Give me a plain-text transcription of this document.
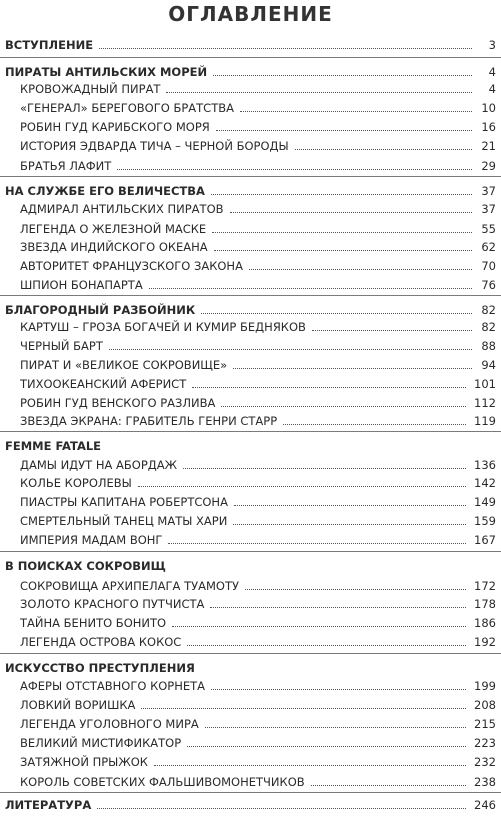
ОГЛАВЛЕНИЕ
ВСТУПЛЕНИЕ	3
ПИРАТЫ АНТИЛЬСКИХ МОРЕЙ	4
КРОВОЖАДНЫЙ ПИРАТ	4
«ГЕНЕРАЛ» БЕРЕГОВОГО БРАТСТВА	10
РОБИН ГУД КАРИБСКОГО МОРЯ	16
ИСТОРИЯ ЭДВАРДА ТИЧА – ЧЕРНОЙ БОРОДЫ	21
БРАТЬЯ ЛАФИТ	29
НА СЛУЖБЕ ЕГО ВЕЛИЧЕСТВА	37
АДМИРАЛ АНТИЛЬСКИХ ПИРАТОВ	37
ЛЕГЕНДА О ЖЕЛЕЗНОЙ МАСКЕ	55
ЗВЕЗДА ИНДИЙСКОГО ОКЕАНА	62
АВТОРИТЕТ ФРАНЦУЗСКОГО ЗАКОНА	70
ШПИОН БОНАПАРТА	76
БЛАГОРОДНЫЙ РАЗБОЙНИК	82
КАРТУШ – ГРОЗА БОГАЧЕЙ И КУМИР БЕДНЯКОВ	82
ЧЕРНЫЙ БАРТ	88
ПИРАТ И «ВЕЛИКОЕ СОКРОВИЩЕ»	94
ТИХООКЕАНСКИЙ АФЕРИСТ	101
РОБИН ГУД ВЕНСКОГО РАЗЛИВА	112
ЗВЕЗДА ЭКРАНА: ГРАБИТЕЛЬ ГЕНРИ СТАРР	119
FEMME FATALE
ДАМЫ ИДУТ НА АБОРДАЖ	136
КОЛЬЕ КОРОЛЕВЫ	142
ПИАСТРЫ КАПИТАНА РОБЕРТСОНА	149
СМЕРТЕЛЬНЫЙ ТАНЕЦ МАТЫ ХАРИ	159
ИМПЕРИЯ МАДАМ ВОНГ	167
В ПОИСКАХ СОКРОВИЩ
СОКРОВИЩА АРХИПЕЛАГА ТУАМОТУ	172
ЗОЛОТО КРАСНОГО ПУТЧИСТА	178
ТАЙНА БЕНИТО БОНИТО	186
ЛЕГЕНДА ОСТРОВА КОКОС	192
ИСКУССТВО ПРЕСТУПЛЕНИЯ
АФЕРЫ ОТСТАВНОГО КОРНЕТА	199
ЛОВКИЙ ВОРИШКА	208
ЛЕГЕНДА УГОЛОВНОГО МИРА	215
ВЕЛИКИЙ МИСТИФИКАТОР	223
ЗАТЯЖНОЙ ПРЫЖОК	232
КОРОЛЬ СОВЕТСКИХ ФАЛЬШИВОМОНЕТЧИКОВ	238
ЛИТЕРАТУРА	246
